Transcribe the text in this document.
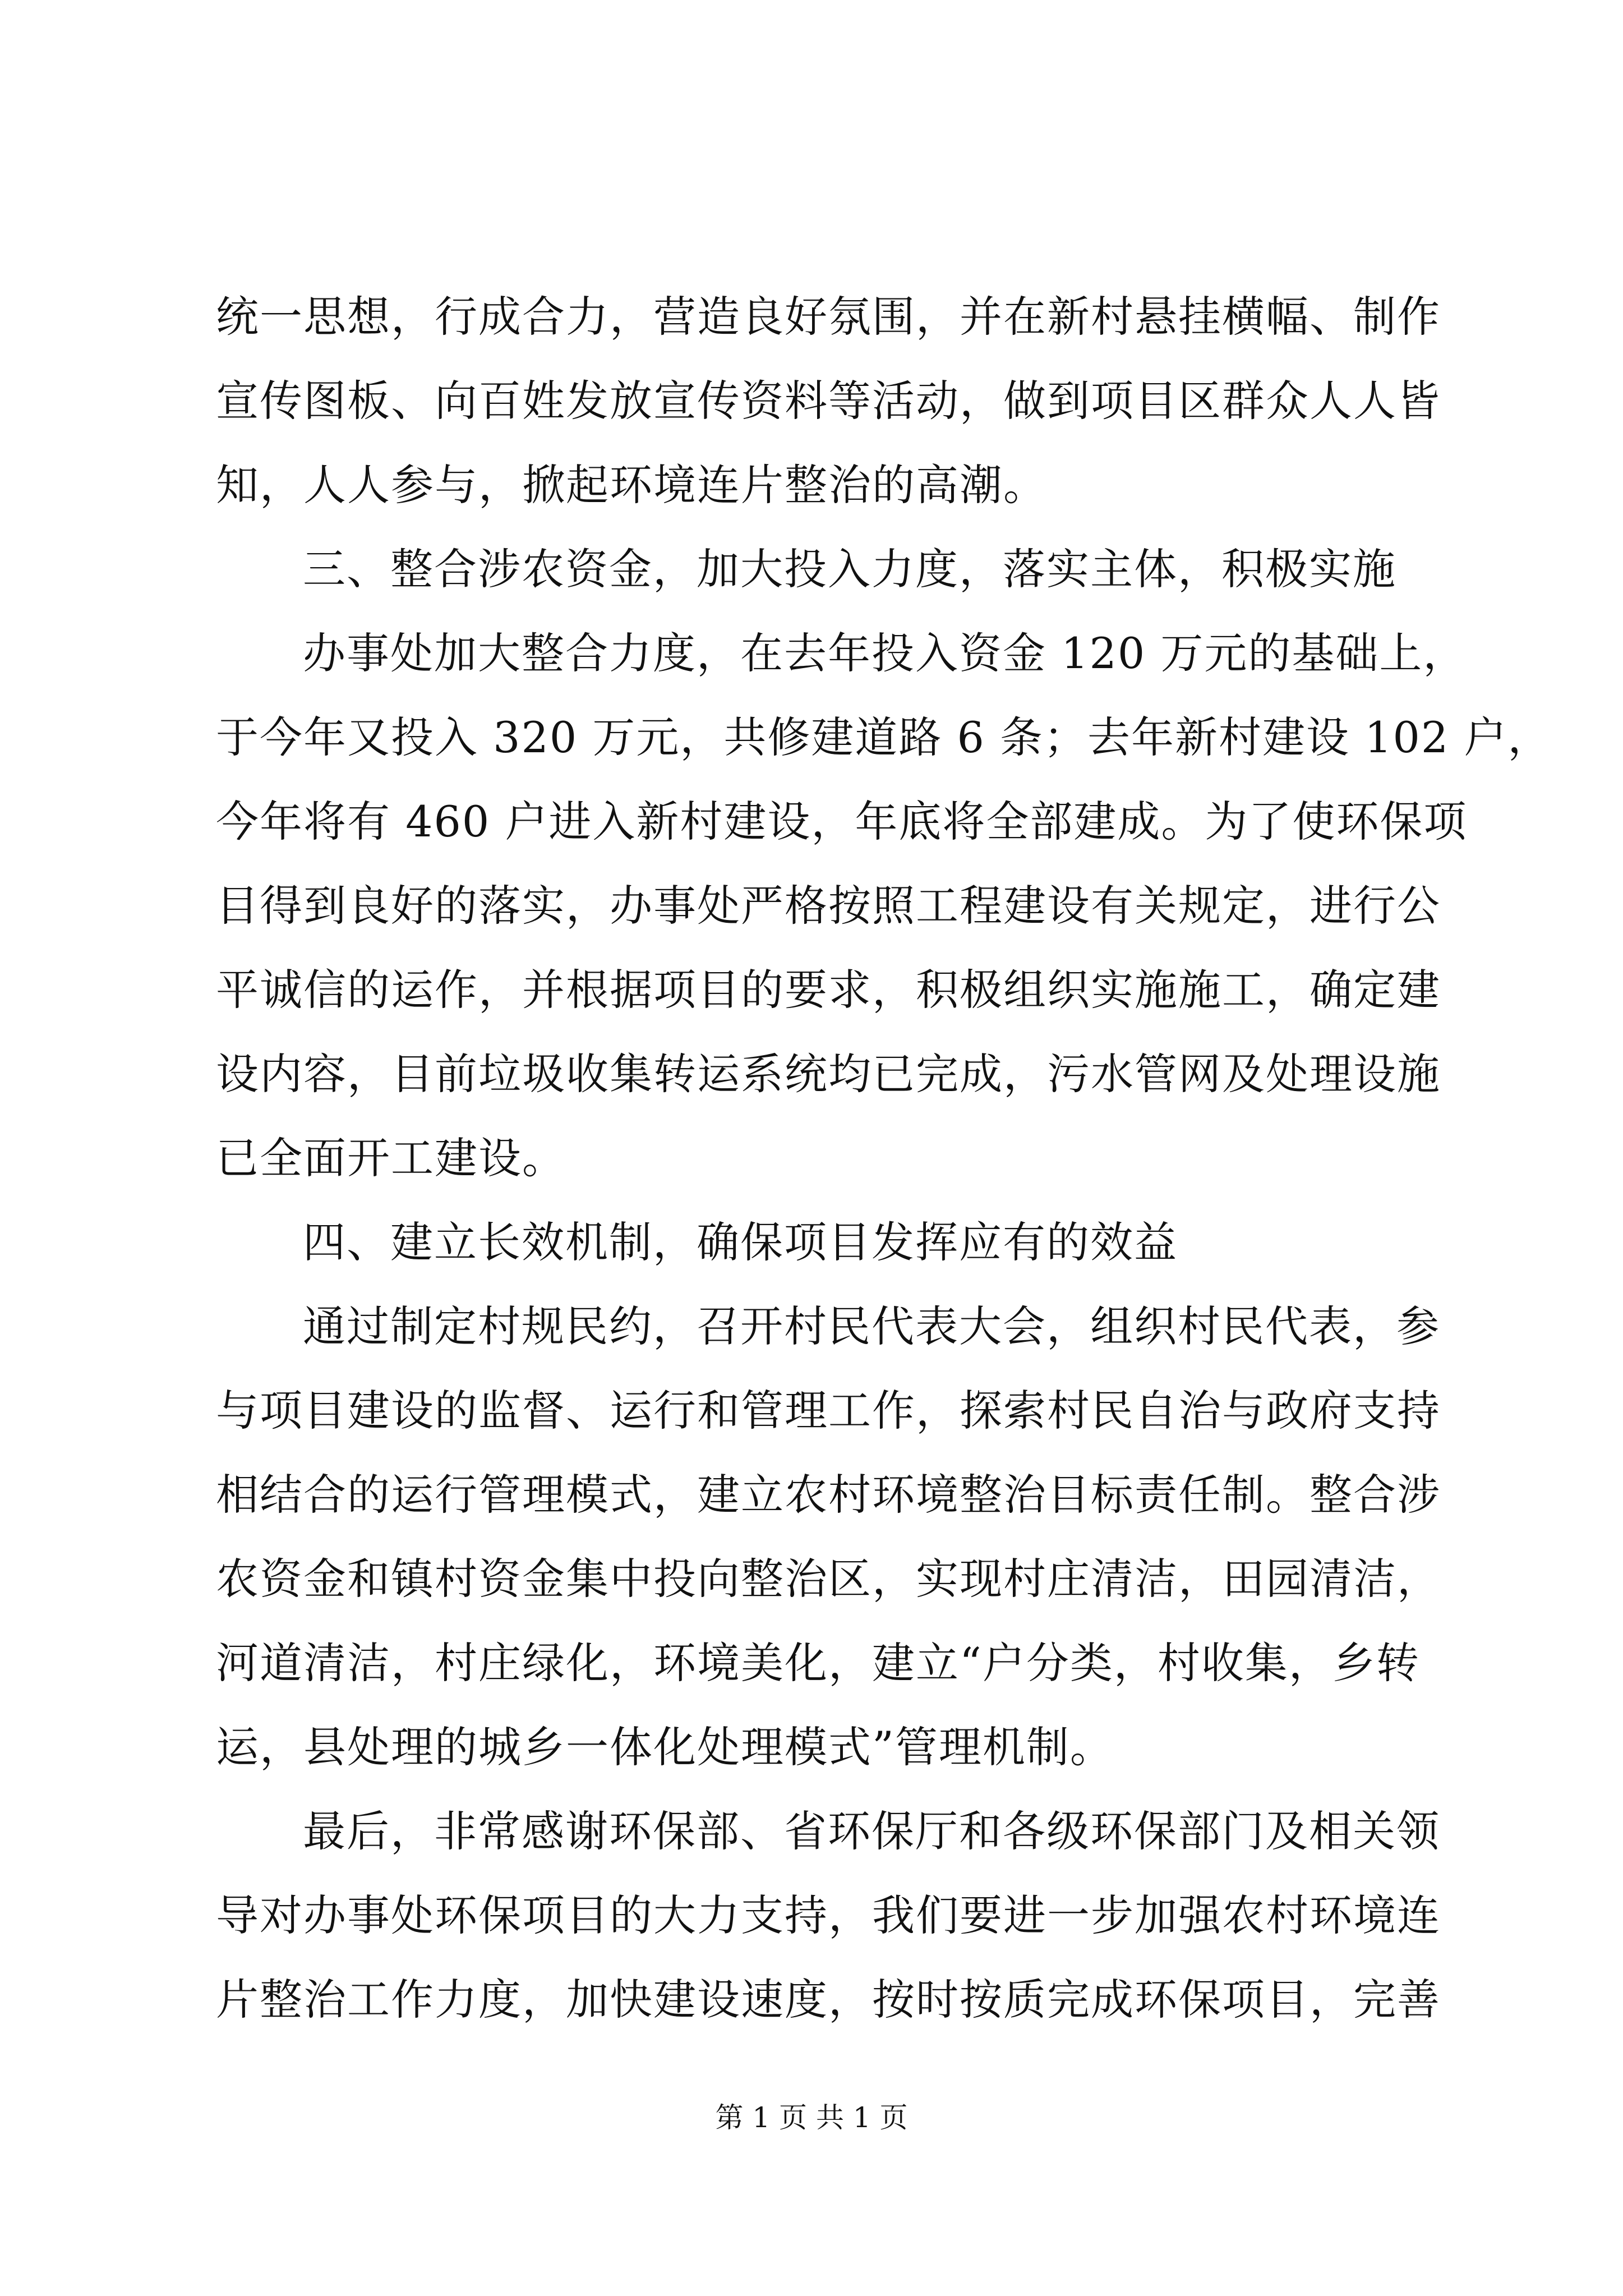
统一思想，行成合力，营造良好氛围，并在新村悬挂横幅、制作
宣传图板、向百姓发放宣传资料等活动，做到项目区群众人人皆
知，人人参与，掀起环境连片整治的高潮。
三、整合涉农资金，加大投入力度，落实主体，积极实施
办事处加大整合力度，在去年投入资金 120 万元的基础上，
于今年又投入 320 万元，共修建道路 6 条；去年新村建设 102 户，
今年将有 460 户进入新村建设，年底将全部建成。为了使环保项
目得到良好的落实，办事处严格按照工程建设有关规定，进行公
平诚信的运作，并根据项目的要求，积极组织实施施工，确定建
设内容，目前垃圾收集转运系统均已完成，污水管网及处理设施
已全面开工建设。
四、建立长效机制，确保项目发挥应有的效益
通过制定村规民约，召开村民代表大会，组织村民代表，参
与项目建设的监督、运行和管理工作，探索村民自治与政府支持
相结合的运行管理模式，建立农村环境整治目标责任制。整合涉
农资金和镇村资金集中投向整治区，实现村庄清洁，田园清洁，
河道清洁，村庄绿化，环境美化，建立“户分类，村收集，乡转
运，县处理的城乡一体化处理模式”管理机制。
最后，非常感谢环保部、省环保厅和各级环保部门及相关领
导对办事处环保项目的大力支持，我们要进一步加强农村环境连
片整治工作力度，加快建设速度，按时按质完成环保项目，完善
第 1 页 共 1 页
